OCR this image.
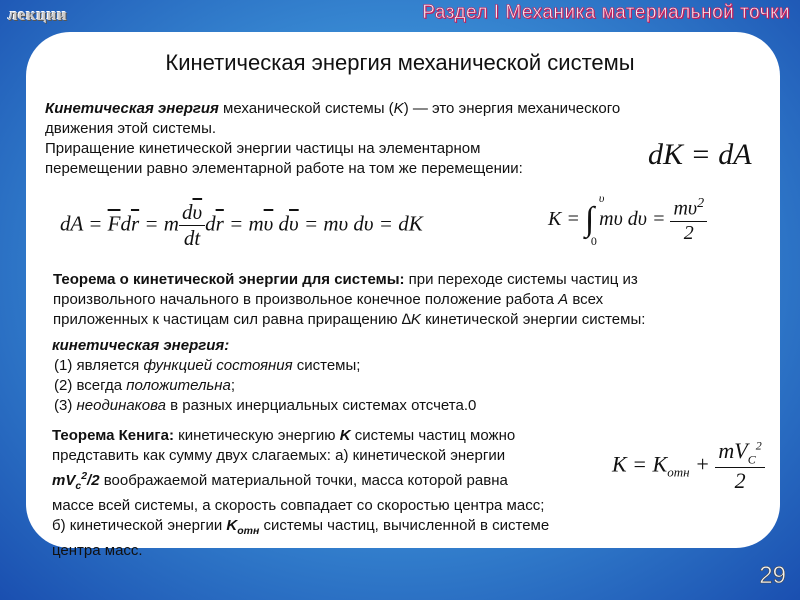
лекции	Раздел I Механика материальной точки
Кинетическая энергия механической системы
Кинетическая энергия механической системы (K) — это энергия механического
движения этой системы.
Приращение кинетической энергии частицы на элементарном
перемещении равно элементарной работе на том же перемещении:	dK = dA
dA = $\overline{F}d\overline{r} = m \frac{d\overline{\upsilon}}{dt} d\overline{r} = m\overline{\upsilon}$ $d\overline{\upsilon} = m\upsilon$ dυ = dK	K = ∫
υ
0
mυ $d\upsilon = \frac{m\upsilon^2}{2}$
Теорема о кинетической энергии для системы: при переходе системы частиц из
произвольного начального в произвольное конечное положение работа A всех
приложенных к частицам сил равна приращению ∆K кинетической энергии системы:
кинетическая энергия:
(1) является функцией состояния системы;
(2) всегда положительна;
(3) неодинакова в разных инерциальных системах отсчета.0
Теорема Кенига: кинетическую энергию K системы частиц можно
представить как сумму двух слагаемых: а) кинетической энергии
$mV_c^2/2$ воображаемой материальной точки, масса которой равна
массе всей системы, а скорость совпадает со скоростью центра масс;
б) кинетической энергии $K_{отн}$ системы частиц, вычисленной в системе
центра масс.
$K = K_{отн} + \frac{mV_C^2}{2}$
29
